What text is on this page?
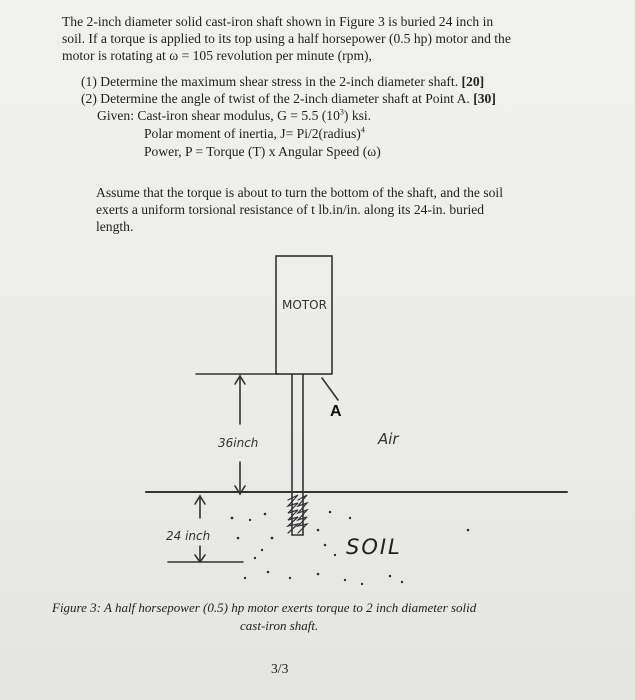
The 2-inch diameter solid cast-iron shaft shown in Figure 3 is buried 24 inch in
soil. If a torque is applied to its top using a half horsepower (0.5 hp) motor and the
motor is rotating at ω = 105 revolution per minute (rpm),
(1) Determine the maximum shear stress in the 2-inch diameter shaft. [20]
(2) Determine the angle of twist of the 2-inch diameter shaft at Point A. [30]
Given: Cast-iron shear modulus, G = 5.5 $(10^3)$ ksi.
Polar moment of inertia, J= Pi/2(radius)$^4$
Power, P = Torque (T) x Angular Speed (ω)
Assume that the torque is about to turn the bottom of the shaft, and the soil
exerts a uniform torsional resistance of t lb.in/in. along its 24-in. buried
length.
MOTOR
A
36inch	Air
24 inch	SOIL
Figure 3: A half horsepower (0.5) hp motor exerts torque to 2 inch diameter solid
cast-iron shaft.
3/3
